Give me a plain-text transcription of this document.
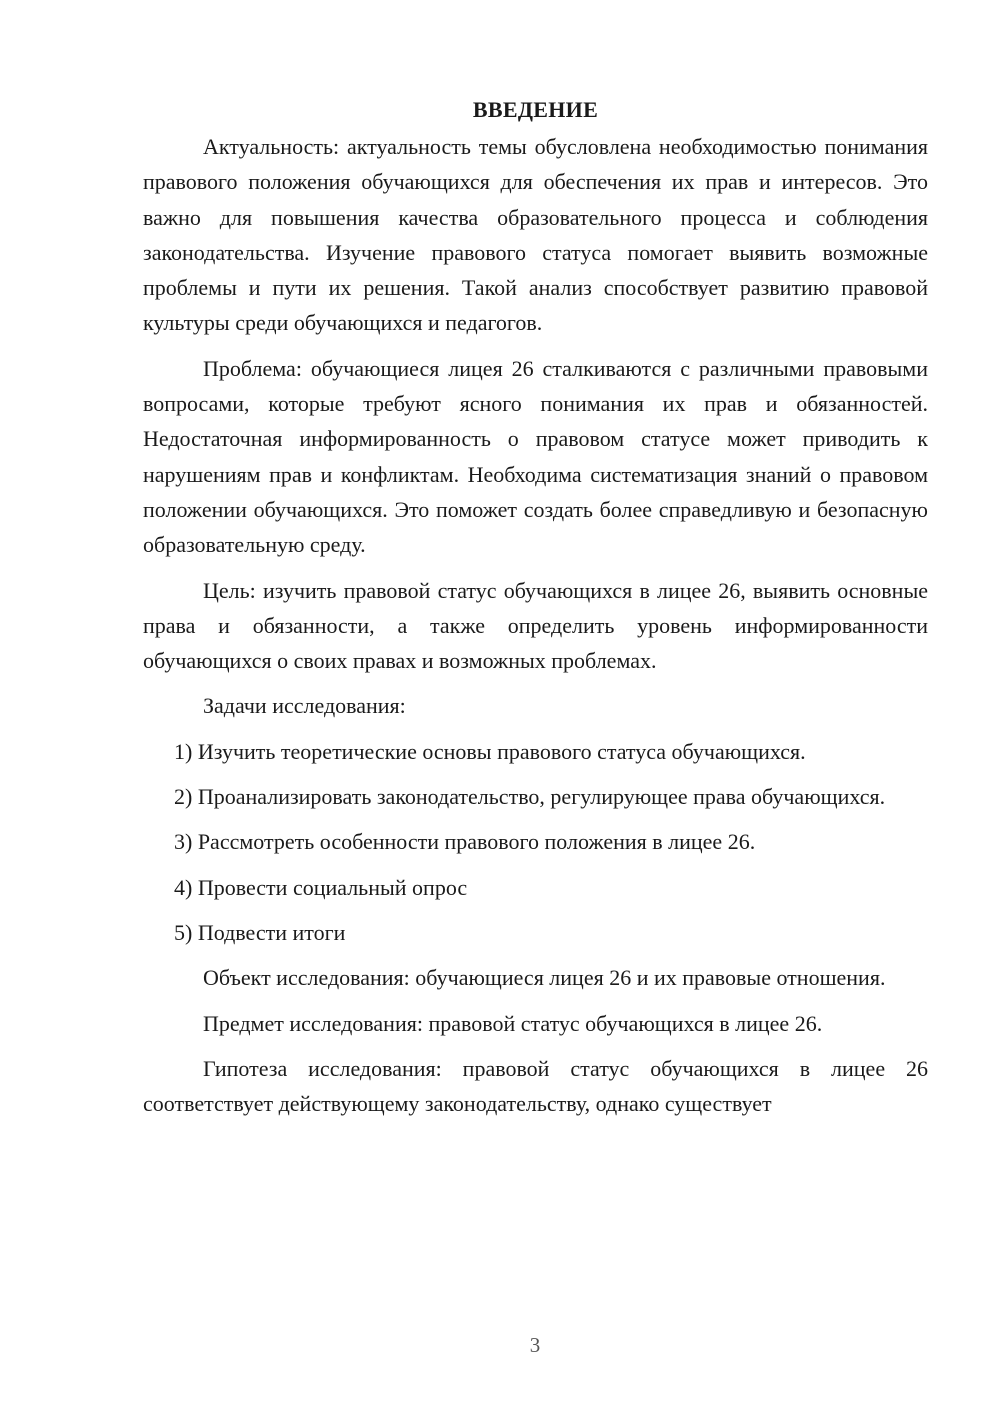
ВВЕДЕНИЕ

Актуальность: актуальность темы обусловлена необходимостью понимания правового положения обучающихся для обеспечения их прав и интересов. Это важно для повышения качества образовательного процесса и соблюдения законодательства. Изучение правового статуса помогает выявить возможные проблемы и пути их решения. Такой анализ способствует развитию правовой культуры среди обучающихся и педагогов.

Проблема: обучающиеся лицея 26 сталкиваются с различными правовыми вопросами, которые требуют ясного понимания их прав и обязанностей. Недостаточная информированность о правовом статусе может приводить к нарушениям прав и конфликтам. Необходима систематизация знаний о правовом положении обучающихся. Это поможет создать более справедливую и безопасную образовательную среду.

Цель: изучить правовой статус обучающихся в лицее 26, выявить основные права и обязанности, а также определить уровень информированности обучающихся о своих правах и возможных проблемах.

Задачи исследования:

1) Изучить теоретические основы правового статуса обучающихся.

2) Проанализировать законодательство, регулирующее права обучающихся.

3) Рассмотреть особенности правового положения в лицее 26.

4) Провести социальный опрос

5) Подвести итоги

Объект исследования: обучающиеся лицея 26 и их правовые отношения.

Предмет исследования: правовой статус обучающихся в лицее 26.

Гипотеза исследования: правовой статус обучающихся в лицее 26 соответствует действующему законодательству, однако существует

3
